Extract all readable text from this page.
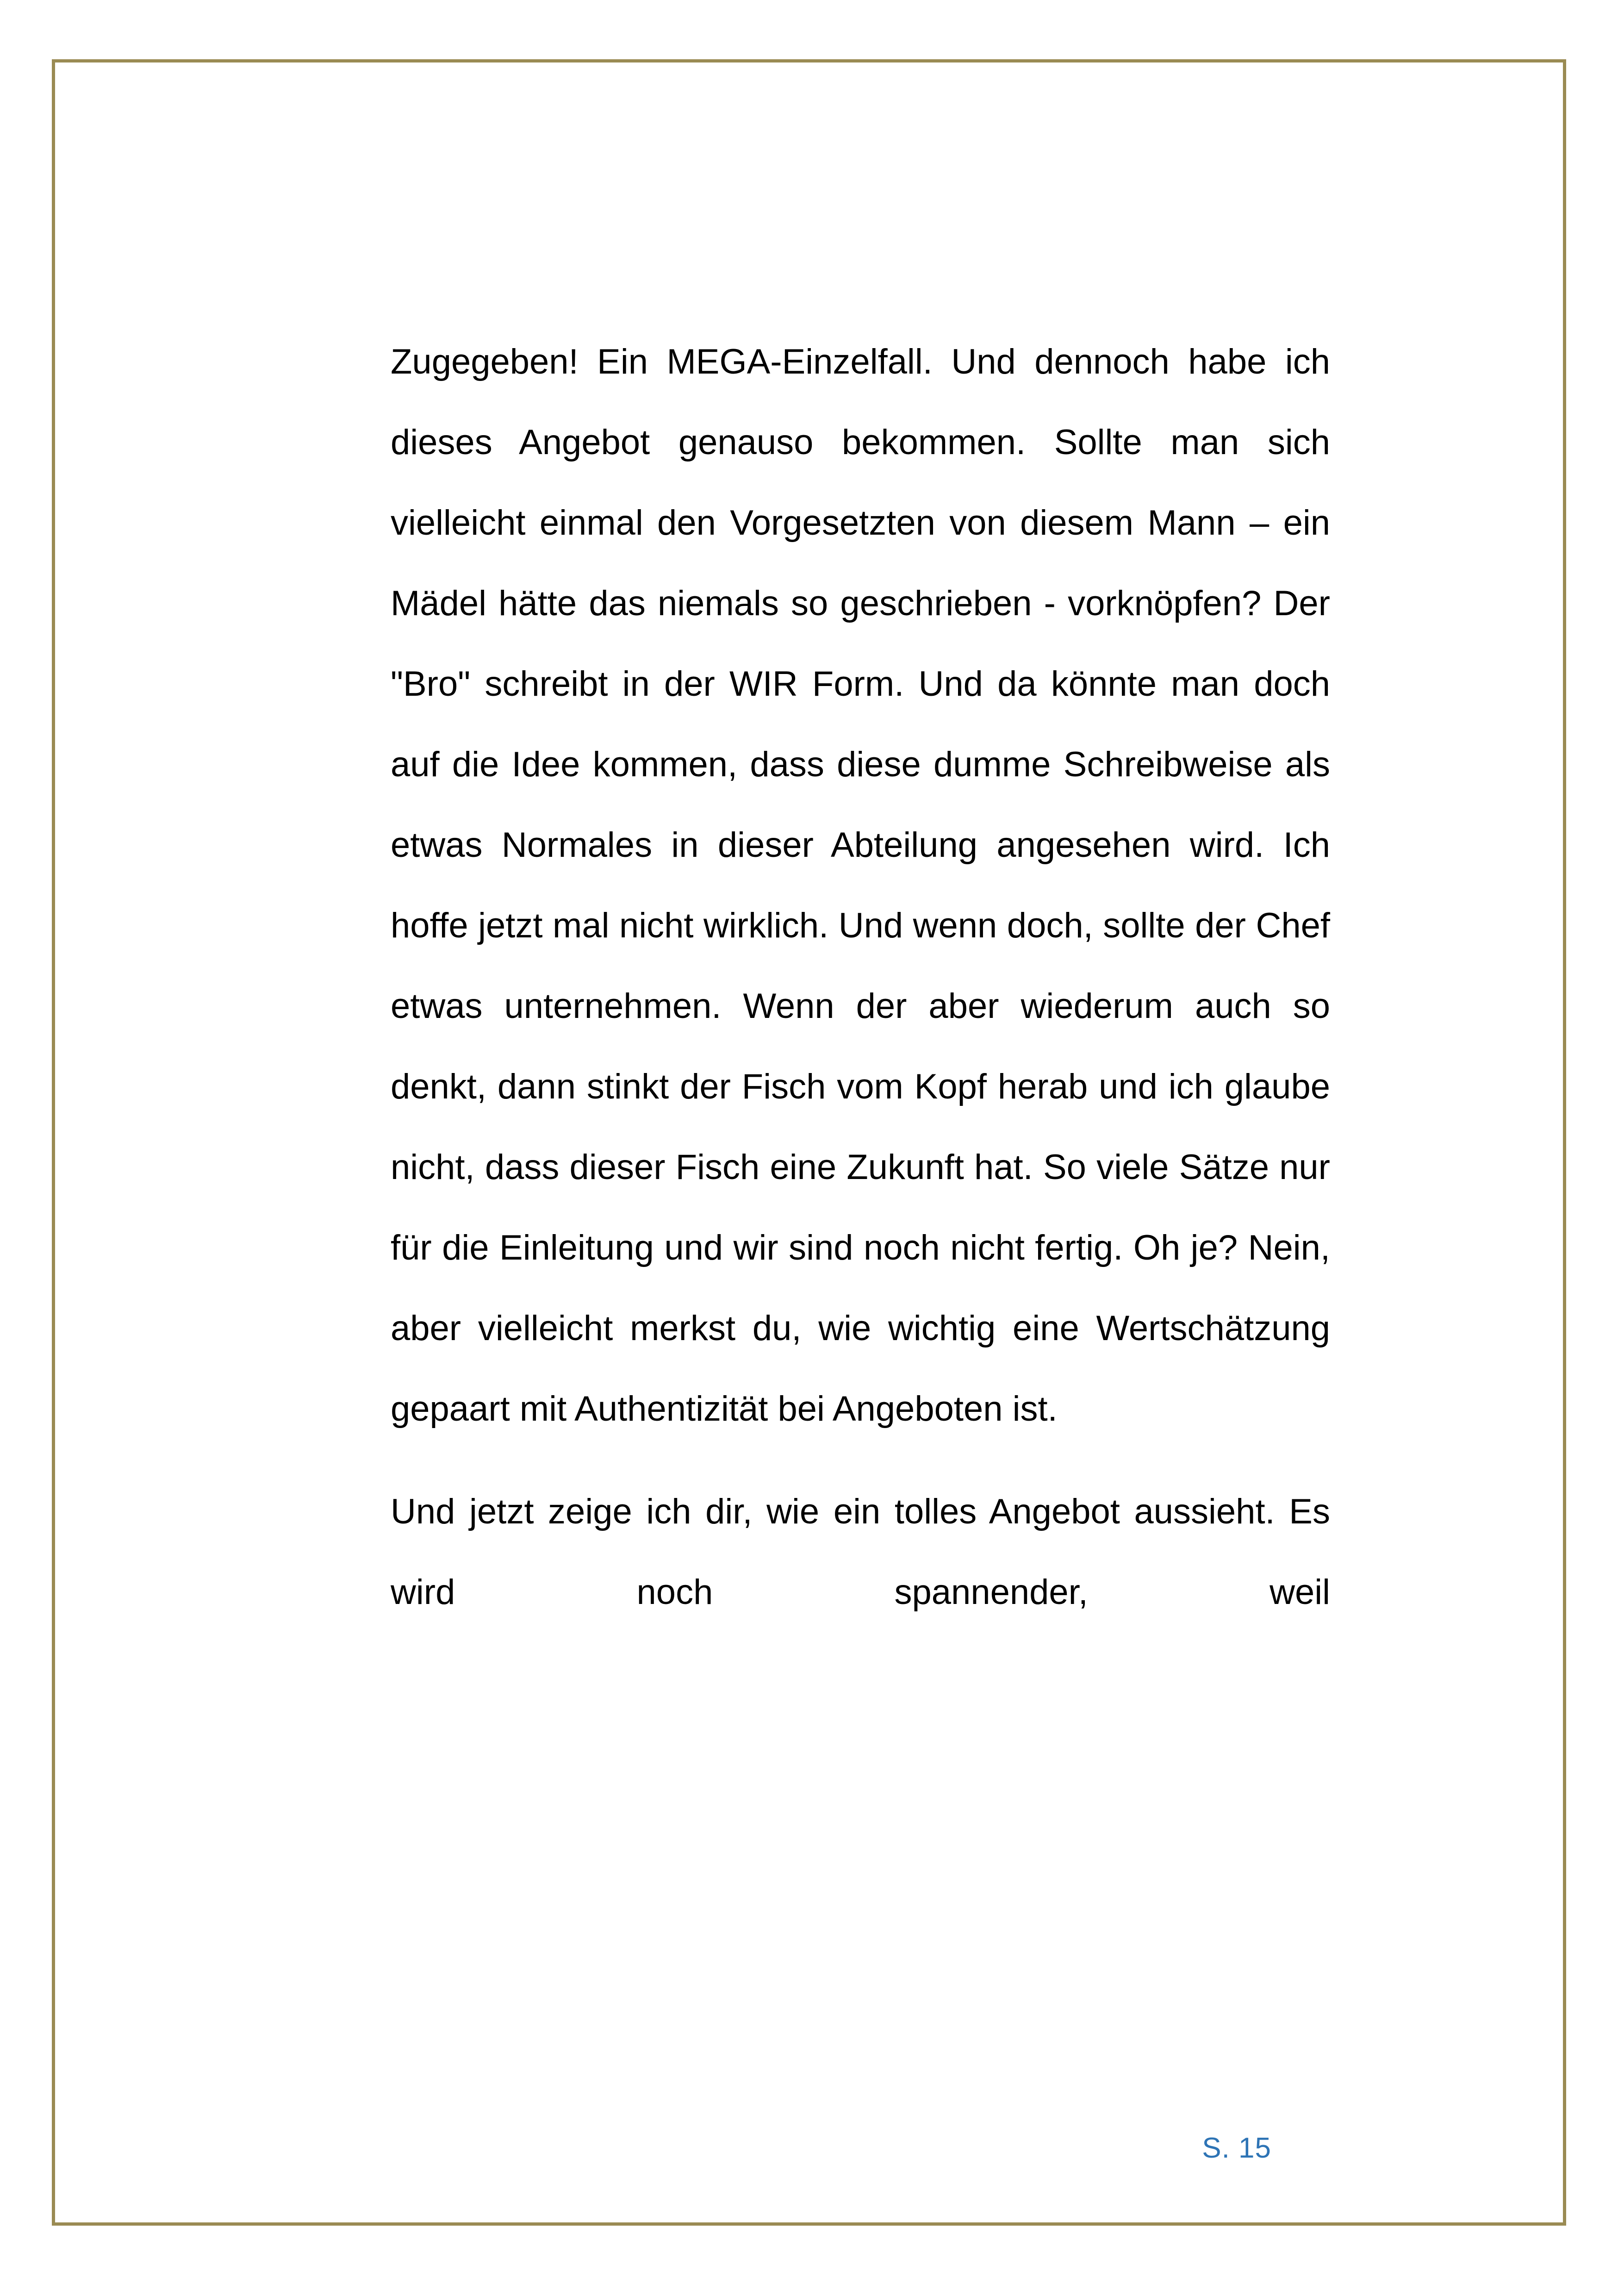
Zugegeben! Ein MEGA-Einzelfall. Und dennoch habe ich dieses Angebot genauso bekommen. Sollte man sich vielleicht einmal den Vorgesetzten von diesem Mann – ein Mädel hätte das niemals so geschrieben - vorknöpfen? Der "Bro" schreibt in der WIR Form. Und da könnte man doch auf die Idee kommen, dass diese dumme Schreibweise als etwas Normales in dieser Abteilung angesehen wird. Ich hoffe jetzt mal nicht wirklich. Und wenn doch, sollte der Chef etwas unternehmen. Wenn der aber wiederum auch so denkt, dann stinkt der Fisch vom Kopf herab und ich glaube nicht, dass dieser Fisch eine Zukunft hat. So viele Sätze nur für die Einleitung und wir sind noch nicht fertig. Oh je? Nein, aber vielleicht merkst du, wie wichtig eine Wertschätzung gepaart mit Authentizität bei Angeboten ist.

Und jetzt zeige ich dir, wie ein tolles Angebot aussieht. Es wird noch spannender, weil

S. 15
